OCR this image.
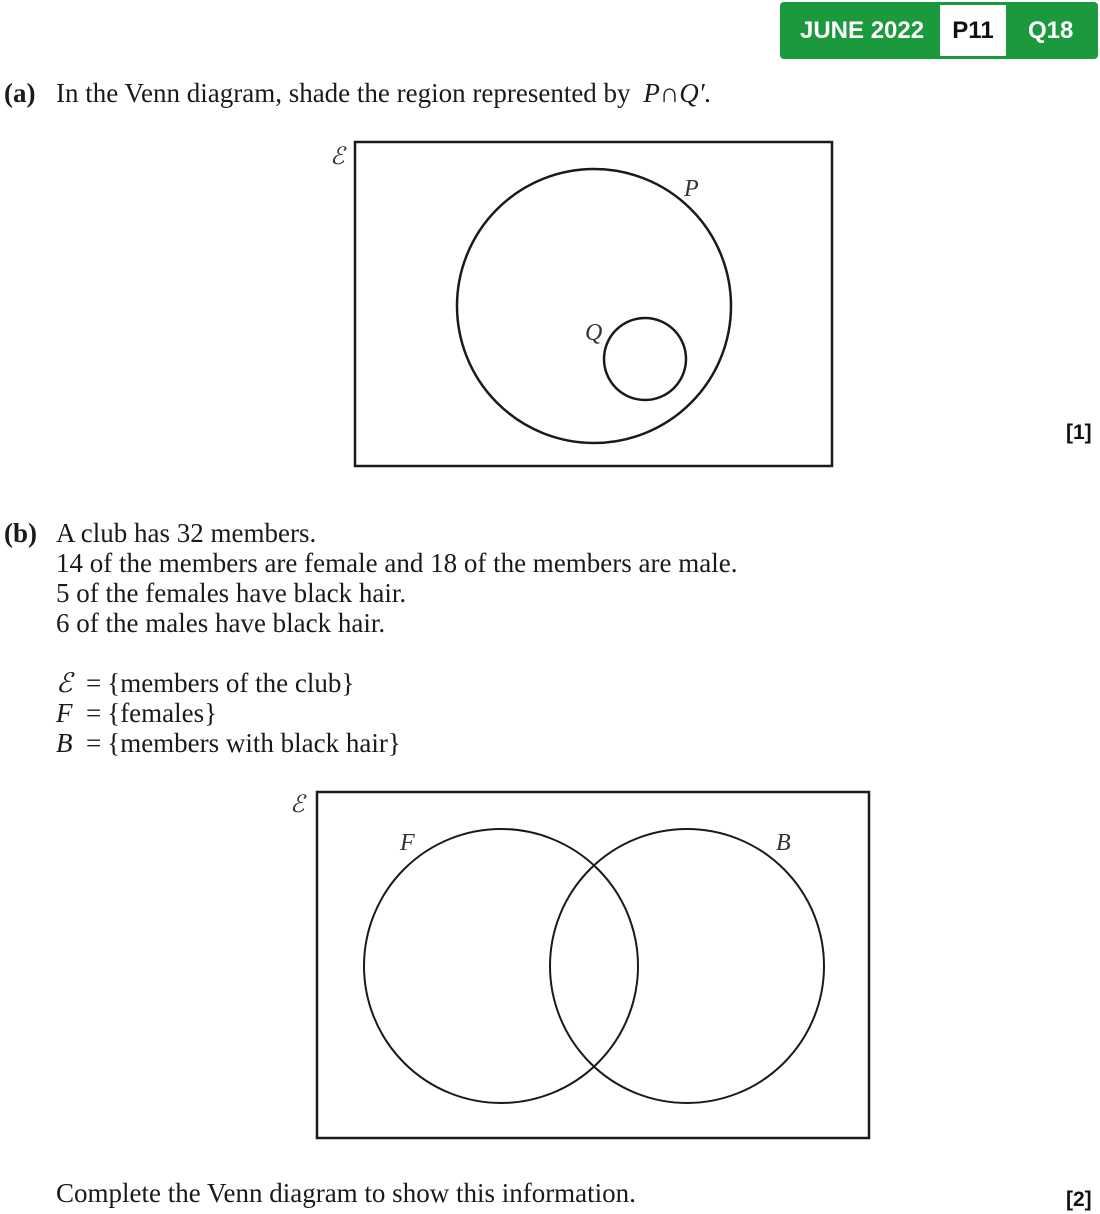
JUNE 2022	P11	Q18
(a) In the Venn diagram, shade the region represented by P∩Q′.
ℰ
P
Q
ℰ
F	B
[1]
(b) A club has 32 members.
14 of the members are female and 18 of the members are male.
5 of the females have black hair.
6 of the males have black hair.
ℰ = {members of the club}
F = {females}
B = {members with black hair}
Complete the Venn diagram to show this information.	[2]
